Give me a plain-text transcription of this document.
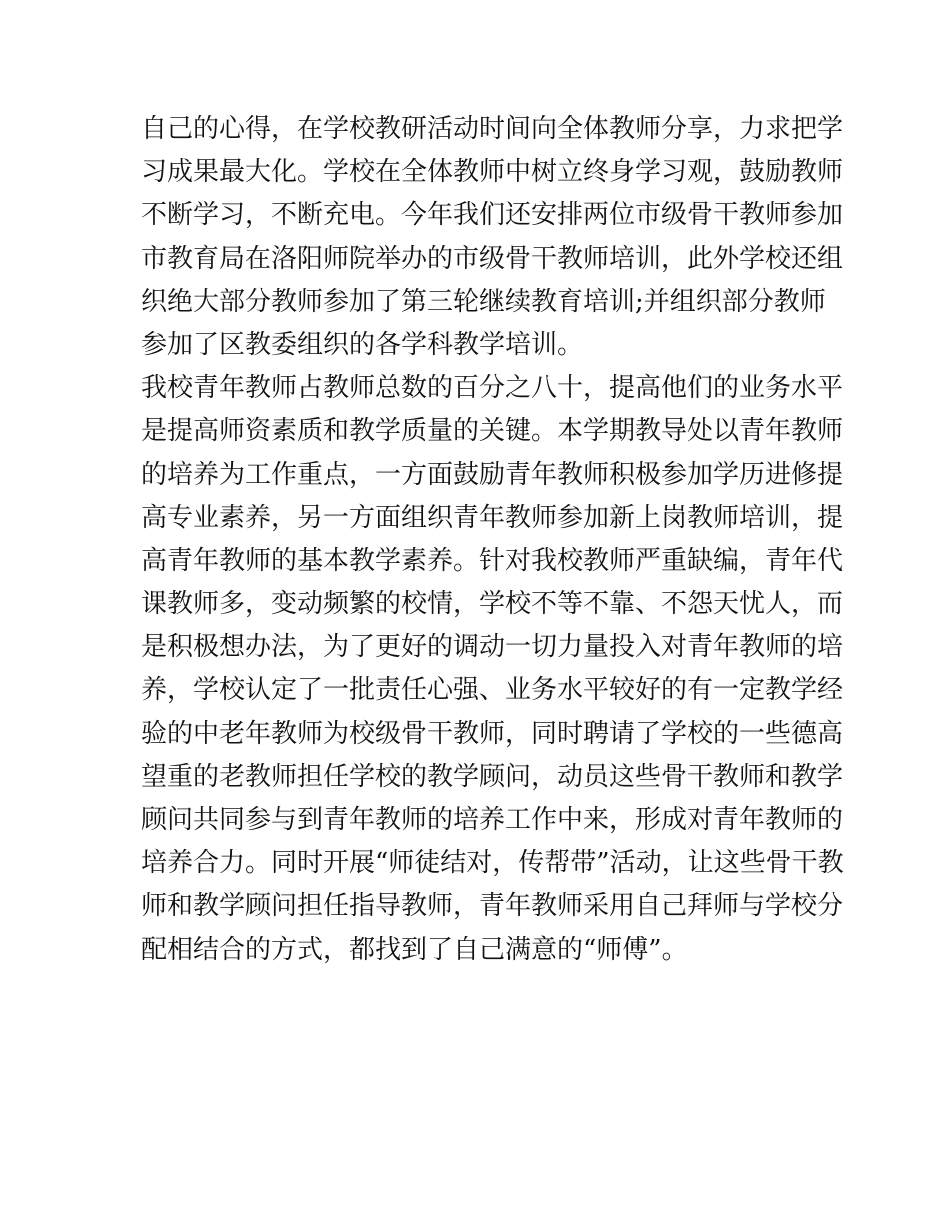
自己的心得，在学校教研活动时间向全体教师分享，力求把学
习成果最大化。学校在全体教师中树立终身学习观，鼓励教师
不断学习，不断充电。今年我们还安排两位市级骨干教师参加
市教育局在洛阳师院举办的市级骨干教师培训，此外学校还组
织绝大部分教师参加了第三轮继续教育培训;并组织部分教师
参加了区教委组织的各学科教学培训。
我校青年教师占教师总数的百分之八十，提高他们的业务水平
是提高师资素质和教学质量的关键。本学期教导处以青年教师
的培养为工作重点，一方面鼓励青年教师积极参加学历进修提
高专业素养，另一方面组织青年教师参加新上岗教师培训，提
高青年教师的基本教学素养。针对我校教师严重缺编，青年代
课教师多，变动频繁的校情，学校不等不靠、不怨天忧人，而
是积极想办法，为了更好的调动一切力量投入对青年教师的培
养，学校认定了一批责任心强、业务水平较好的有一定教学经
验的中老年教师为校级骨干教师，同时聘请了学校的一些德高
望重的老教师担任学校的教学顾问，动员这些骨干教师和教学
顾问共同参与到青年教师的培养工作中来，形成对青年教师的
培养合力。同时开展“师徒结对，传帮带”活动，让这些骨干教
师和教学顾问担任指导教师，青年教师采用自己拜师与学校分
配相结合的方式，都找到了自己满意的“师傅”。
